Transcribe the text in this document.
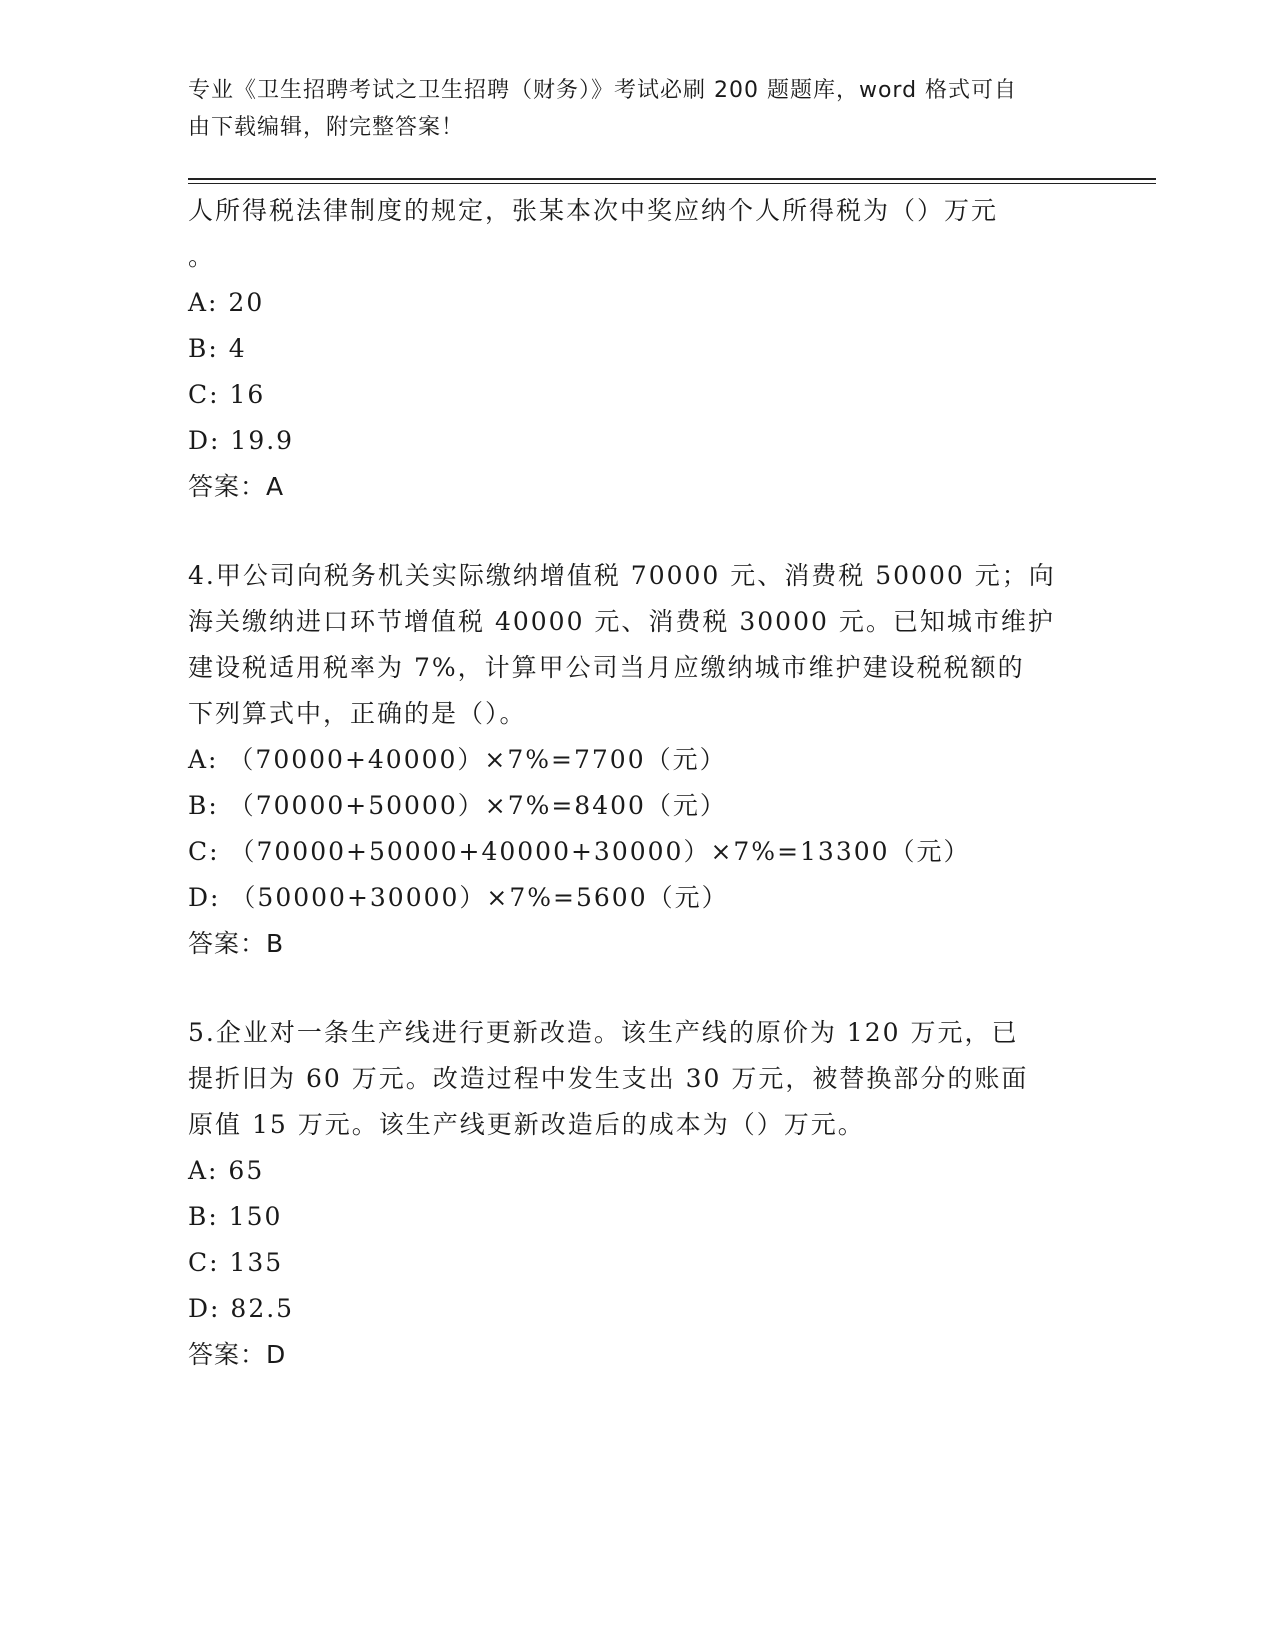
专业《卫生招聘考试之卫生招聘（财务）》考试必刷 200 题题库，word 格式可自
由下载编辑，附完整答案！
人所得税法律制度的规定，张某本次中奖应纳个人所得税为（）万元
。
A: 20
B: 4
C: 16
D: 19.9
答案：A
4.甲公司向税务机关实际缴纳增值税 70000 元、消费税 50000 元；向
海关缴纳进口环节增值税 40000 元、消费税 30000 元。已知城市维护
建设税适用税率为 7%，计算甲公司当月应缴纳城市维护建设税税额的
下列算式中，正确的是（）。
A: （70000+40000）×7%=7700（元）
B: （70000+50000）×7%=8400（元）
C: （70000+50000+40000+30000）×7%=13300（元）
D: （50000+30000）×7%=5600（元）
答案：B
5.企业对一条生产线进行更新改造。该生产线的原价为 120 万元，已
提折旧为 60 万元。改造过程中发生支出 30 万元，被替换部分的账面
原值 15 万元。该生产线更新改造后的成本为（）万元。
A: 65
B: 150
C: 135
D: 82.5
答案：D
